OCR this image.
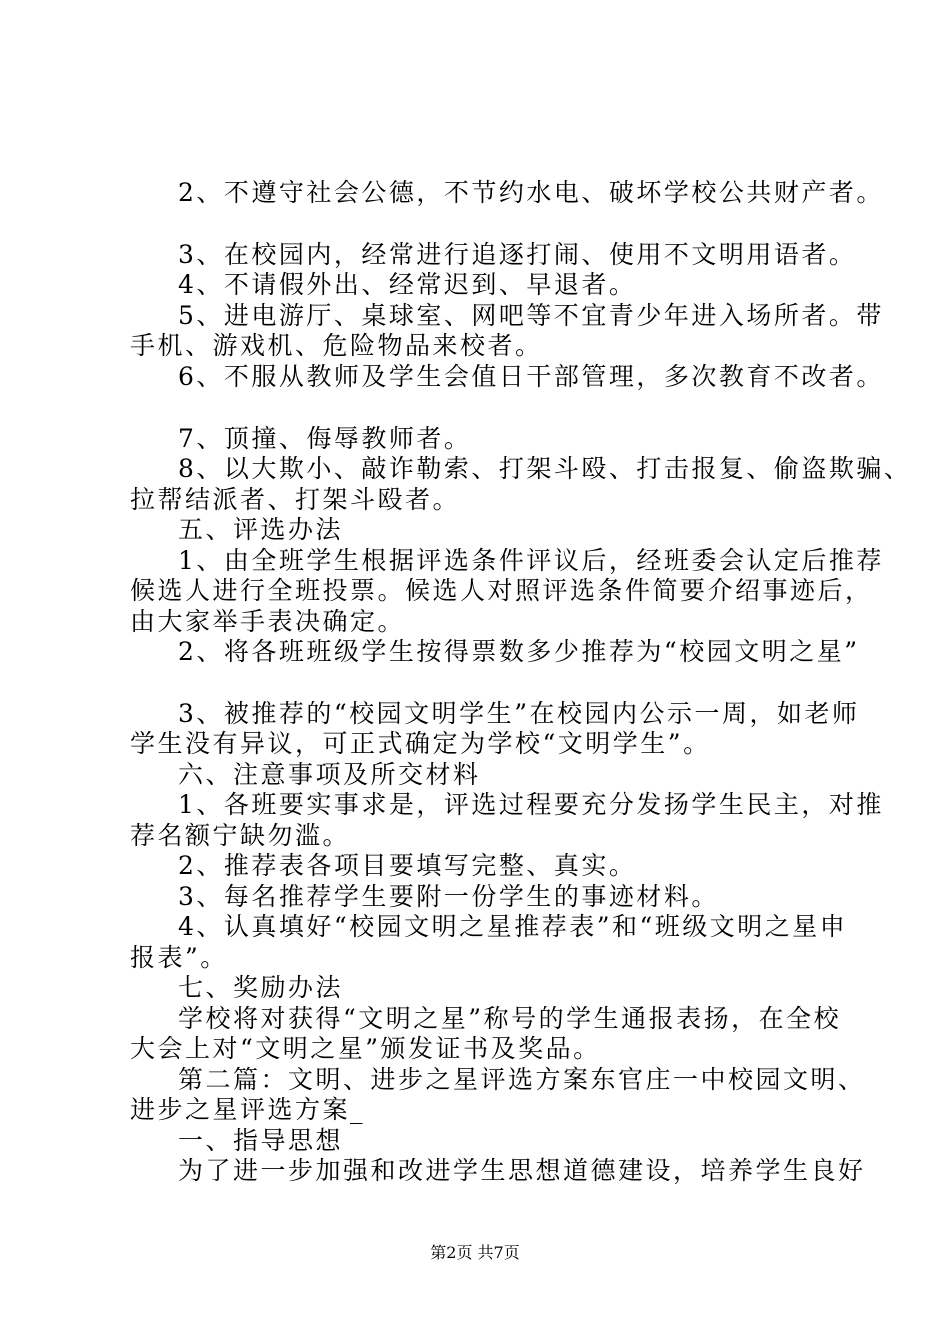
2、不遵守社会公德，不节约水电、破坏学校公共财产者。
3、在校园内，经常进行追逐打闹、使用不文明用语者。
4、不请假外出、经常迟到、早退者。
5、进电游厅、桌球室、网吧等不宜青少年进入场所者。带
手机、游戏机、危险物品来校者。
6、不服从教师及学生会值日干部管理，多次教育不改者。
7、顶撞、侮辱教师者。
8、以大欺小、敲诈勒索、打架斗殴、打击报复、偷盗欺骗、
拉帮结派者、打架斗殴者。
五、评选办法
1、由全班学生根据评选条件评议后，经班委会认定后推荐
候选人进行全班投票。候选人对照评选条件简要介绍事迹后，
由大家举手表决确定。
2、将各班班级学生按得票数多少推荐为“校园文明之星”
3、被推荐的“校园文明学生”在校园内公示一周，如老师
学生没有异议，可正式确定为学校“文明学生”。
六、注意事项及所交材料
1、各班要实事求是，评选过程要充分发扬学生民主，对推
荐名额宁缺勿滥。
2、推荐表各项目要填写完整、真实。
3、每名推荐学生要附一份学生的事迹材料。
4、认真填好“校园文明之星推荐表”和“班级文明之星申
报表”。
七、奖励办法
学校将对获得“文明之星”称号的学生通报表扬，在全校
大会上对“文明之星”颁发证书及奖品。
第二篇：文明、进步之星评选方案东官庄一中校园文明、
进步之星评选方案_
一、指导思想
为了进一步加强和改进学生思想道德建设，培养学生良好
第2页 共7页
